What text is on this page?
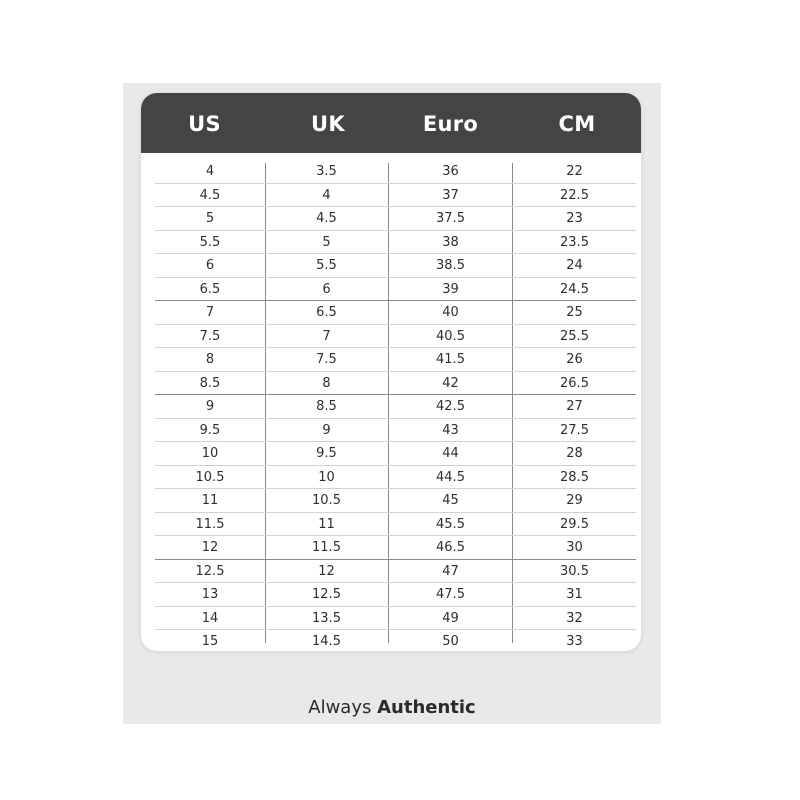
US	UK	Euro	CM
4	3.5	36	22
4.5	4	37	22.5
5	4.5	37.5	23
5.5	5	38	23.5
6	5.5	38.5	24
6.5	6	39	24.5
7	6.5	40	25
7.5	7	40.5	25.5
8	7.5	41.5	26
8.5	8	42	26.5
9	8.5	42.5	27
9.5	9	43	27.5
10	9.5	44	28
10.5	10	44.5	28.5
11	10.5	45	29
11.5	11	45.5	29.5
12	11.5	46.5	30
12.5	12	47	30.5
13	12.5	47.5	31
14	13.5	49	32
15	14.5	50	33
Always Authentic
